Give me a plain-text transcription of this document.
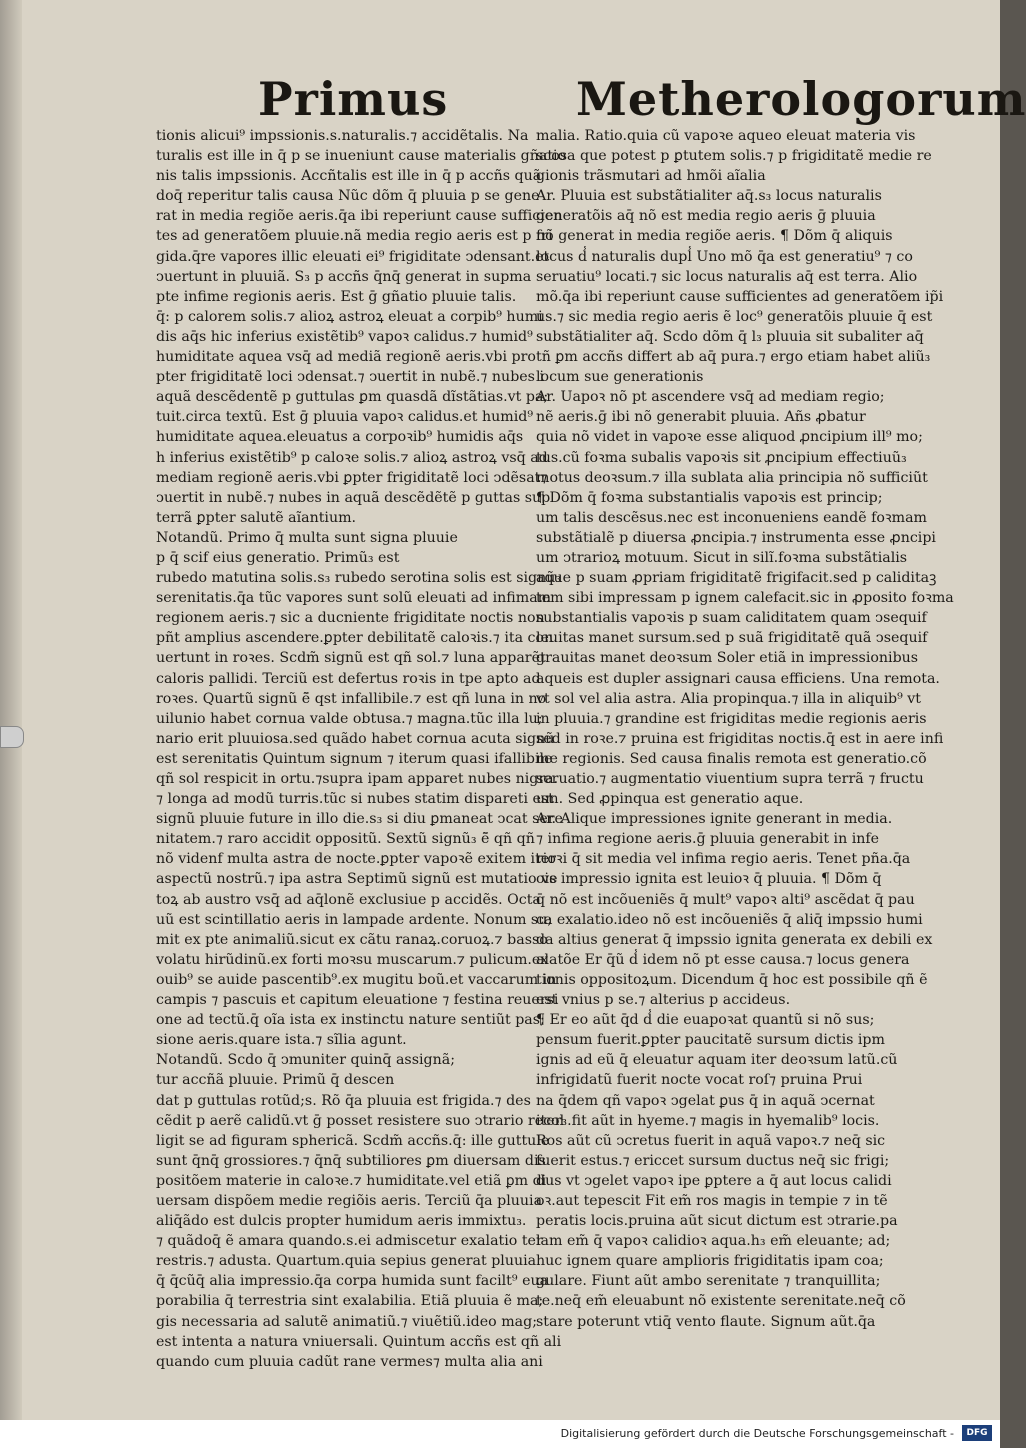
Primus	Metherologorum
tionis alicui⁹ impssionis.s.naturalis.⁊ accidẽtalis. Na
turalis est ille in q̄ p se inueniunt cause materialis gñatio
nis talis impssionis. Accñtalis est ille in q̄ p accñs quã
doq̄ reperitur talis causa Nũc dõm q̄ pluuia p se gene
rat in media regiõe aeris.q̄a ibi reperiunt cause sufficien
tes ad generatõem pluuie.nã media regio aeris est p fri
gida.q̄re vapores illic eleuati ei⁹ frigiditate ↄdensant.et
ↄuertunt in pluuiã. S₃ p accñs q̄nq̄ generat in supma
pte infime regionis aeris. Est ḡ gñatio pluuie talis.
q̄: p calorem solis.⁊ alioꝝ astroꝝ eleuat a corpib⁹ humi
dis aq̄s hic inferius existẽtib⁹ vapoꝛ calidus.⁊ humid⁹
humiditate aquea vsq̄ ad mediã regionẽ aeris.vbi pro
pter frigiditatẽ loci ↄdensat.⁊ ↄuertit in nubẽ.⁊ nubes i
aquã descẽdentẽ p guttulas ꝑm quasdã dĩstãtias.vt pa;
tuit.circa textũ. Est ḡ pluuia vapoꝛ calidus.et humid⁹
humiditate aquea.eleuatus a corpoꝛib⁹ humidis aq̄s
h inferius existẽtib⁹ p caloꝛe solis.⁊ alioꝝ astroꝝ vsq̄ ad
mediam regionẽ aeris.vbi ꝑpter frigiditatẽ loci ↄdẽsat⁊
ↄuertit in nubẽ.⁊ nubes in aquã descẽdẽtẽ p guttas sup
terrã ꝑpter salutẽ aĩantium.
Notandũ. Primo q̄ multa sunt signa pluuie
p q̄ scif eius generatio. Primũ₃ est
rubedo matutina solis.s₃ rubedo serotina solis est signũ₃
serenitatis.q̄a tũc vapores sunt solũ eleuati ad infimam
regionem aeris.⁊ sic a ducniente frigiditate noctis non
pñt amplius ascendere.ꝑpter debilitatẽ caloꝛis.⁊ ita con
uertunt in roꝛes. Scdm̃ signũ est qñ sol.⁊ luna apparẽt
caloris pallidi. Terciũ est defertus roꝛis in tpe apto ad
roꝛes. Quartũ signũ ẽ̄ qst infallibile.⁊ est qñ luna in no
uilunio habet cornua valde obtusa.⁊ magna.tũc illa lu;
nario erit pluuiosa.sed quãdo habet cornua acuta signũ
est serenitatis Quintum signum ⁊ iterum quasi ifallibile
qñ sol respicit in ortu.⁊supra ipam apparet nubes nigra.
⁊ longa ad modũ turris.tũc si nubes statim dispareti est
signũ pluuie future in illo die.s₃ si diu ꝑmaneat ↄcat sere
nitatem.⁊ raro accidit oppositũ. Sextũ signũ₃ ẽ̄ qñ qñ
nõ videnf multa astra de nocte.ꝑpter vapoꝛẽ exitem iter
aspectũ nostrũ.⁊ ipa astra Septimũ signũ est mutatio ve
toꝝ ab austro vsq̄ ad aq̄lonẽ exclusiue p accidẽs. Octa
uũ est scintillatio aeris in lampade ardente. Nonum su;
mit ex pte animaliũ.sicut ex cãtu ranaꝝ.coruoꝝ.⁊ basso
volatu hirũdinũ.ex forti moꝛsu muscarum.⁊ pulicum.ex
ouib⁹ se auide pascentib⁹.ex mugitu boũ.et vaccarum in
campis ⁊ pascuis et capitum eleuatione ⁊ festina reuersi
one ad tectũ.q̄ oĩa ista ex instinctu nature sentiũt pas;
sione aeris.quare ista.⁊ sĩlia agunt.
Notandũ. Scdo q̄ ↄmuniter quinq̄ assignã;
tur accñã pluuie. Primũ q̄ descen
dat p guttulas rotũd;s. Rõ q̄a pluuia est frigida.⁊ des
cẽdit p aerẽ calidũ.vt ḡ posset resistere suo ↄtrario recol
ligit se ad figuram sphericã. Scdm̃ accñs.q̄: ille guttule
sunt q̄nq̄ grossiores.⁊ q̄nq̄ subtiliores ꝑm diuersam dis
positõem materie in caloꝛe.⁊ humiditate.vel etiã ꝑm di
uersam dispõem medie regiõis aeris. Terciũ q̄a pluuia
aliq̄ãdo est dulcis propter humidum aeris immixtu₃.
⁊ quãdoq̄ ẽ amara quando.s.ei admiscetur exalatio ter
restris.⁊ adusta. Quartum.quia sepius generat pluuia
q̄ q̄cũq̄ alia impressio.q̄a corpa humida sunt facilt⁹ eua
porabilia q̄ terrestria sint exalabilia. Etiã pluuia ẽ ma;
gis necessaria ad salutẽ animatiũ.⁊ viuẽtiũ.ideo mag;
est intenta a natura vniuersali. Quintum accñs est qñ ali
quando cum pluuia cadũt rane vermes⁊ multa alia ani
malia. Ratio.quia cũ vapoꝛe aqueo eleuat materia vis
scosa que potest p ꝑtutem solis.⁊ p frigiditatẽ medie re
gionis trãsmutari ad hmõi aĩalia
Ar. Pluuia est substãtialiter aq̄.s₃ locus naturalis
generatõis aq̄ nõ est media regio aeris ḡ pluuia
nõ generat in media regiõe aeris. ¶ Dõm q̄ aliquis
locus d̾ naturalis dupl̾ Uno mõ q̄a est generatiu⁹ ⁊ co
seruatiu⁹ locati.⁊ sic locus naturalis aq̄ est terra. Alio
mõ.q̄a ibi reperiunt cause sufficientes ad generatõem ip̃i
us.⁊ sic media regio aeris ẽ loc⁹ generatõis pluuie q̄ est
substãtialiter aq̄. Scdo dõm q̄ l₃ pluuia sit subaliter aq̄
tñ ꝑm accñs differt ab aq̄ pura.⁊ ergo etiam habet aliũ₃
locum sue generationis
Ar. Uapoꝛ nõ pt ascendere vsq̄ ad mediam regio;
nẽ aeris.ḡ ibi nõ generabit pluuia. Añs ꝓbatur
quia nõ videt in vapoꝛe esse aliquod ꝓncipium ill⁹ mo;
tus.cũ foꝛma subalis vapoꝛis sit ꝓncipium effectiuũ₃
motus deoꝛsum.⁊ illa sublata alia principia nõ sufficiũt
¶ Dõm q̄ foꝛma substantialis vapoꝛis est princip;
um talis descẽsus.nec est inconueniens eandẽ foꝛmam
substãtialẽ p diuersa ꝓncipia.⁊ instrumenta esse ꝓncipi
um ↄtrarioꝝ motuum. Sicut in silĩ.foꝛma substãtialis
aque p suam ꝓpriam frigiditatẽ frigifacit.sed p caliditaꝫ
tem sibi impressam p ignem calefacit.sic in ꝓposito foꝛma
substantialis vapoꝛis p suam caliditatem quam ↄsequif
leuitas manet sursum.sed p suã frigiditatẽ quã ↄsequif
grauitas manet deoꝛsum Soler etiã in impressionibus
aqueis est dupler assignari causa efficiens. Una remota.
vt sol vel alia astra. Alia propinqua.⁊ illa in aliquib⁹ vt
in pluuia.⁊ grandine est frigiditas medie regionis aeris
sed in roꝛe.⁊ pruina est frigiditas noctis.q̄ est in aere infi
me regionis. Sed causa finalis remota est generatio.cõ
seruatio.⁊ augmentatio viuentium supra terrã ⁊ fructu
um. Sed ꝓpinqua est generatio aque.
Ar. Alique impressiones ignite generant in media.
⁊ infima regione aeris.ḡ pluuia generabit in infe
rioꝛi q̄ sit media vel infima regio aeris. Tenet pña.q̄a
ois impressio ignita est leuioꝛ q̄ pluuia. ¶ Dõm q̄
q̄ nõ est incõueniẽs q̄ mult⁹ vapoꝛ alti⁹ ascẽdat q̄ pau
ca exalatio.ideo nõ est incõueniẽs q̄ aliq̄ impssio humi
da altius generat q̄ impssio ignita generata ex debili ex
alatõe Er q̄ũ d̾ idem nõ pt esse causa.⁊ locus genera
tionis oppositoꝝum. Dicendum q̄ hoc est possibile qñ ẽ
est vnius p se.⁊ alterius p accideus.
¶ Er eo aũt q̄d d̾ die euapoꝛat quantũ si nõ sus;
pensum fuerit.ꝑpter paucitatẽ sursum dictis ipm
ignis ad eũ q̄ eleuatur aquam iter deoꝛsum latũ.cũ
infrigidatũ fuerit nocte vocat roſ⁊ pruina Prui
na q̄dem qñ vapoꝛ ↄgelat ꝑus q̄ in aquã ↄcernat
iter₃.fit aũt in hyeme.⁊ magis in hyemalib⁹ locis.
Ros aũt cũ ↄcretus fuerit in aquã vapoꝛ.⁊ neq̄ sic
fuerit estus.⁊ ericcet sursum ductus neq̄ sic frigi;
dus vt ↄgelet vapoꝛ ipe ꝑptere a q̄ aut locus calidi
oꝛ.aut tepescit Fit em̃ ros magis in tempie ⁊ in tẽ
peratis locis.pruina aũt sicut dictum est ↄtrarie.pa
lam em̃ q̄ vapoꝛ calidioꝛ aqua.h₃ em̃ eleuante; ad;
huc ignem quare amplioris frigiditatis ipam coa;
gulare. Fiunt aũt ambo serenitate ⁊ tranquillita;
te.neq̄ em̃ eleuabunt nõ existente serenitate.neq̄ cõ
stare poterunt vtiq̄ vento flaute. Signum aũt.q̄a
Digitalisierung gefördert durch die Deutsche Forschungsgemeinschaft -	DFG
